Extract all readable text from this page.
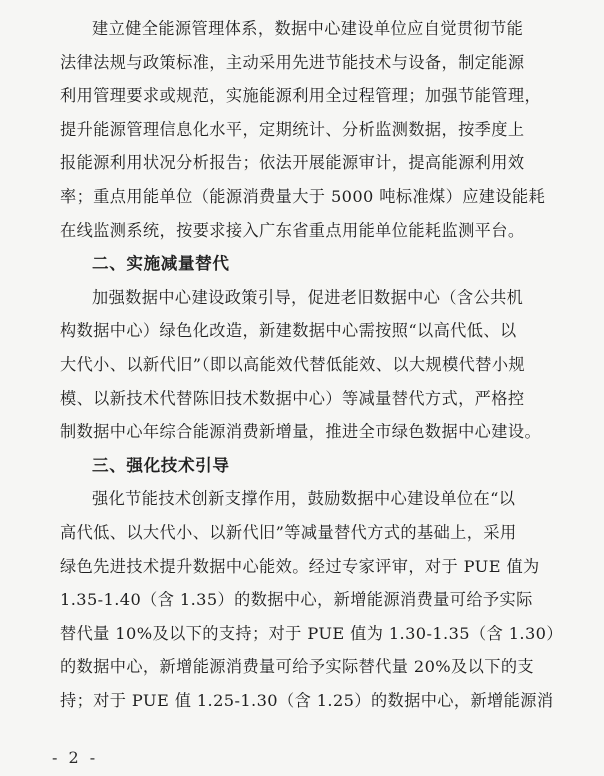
建立健全能源管理体系，数据中心建设单位应自觉贯彻节能
法律法规与政策标准，主动采用先进节能技术与设备，制定能源
利用管理要求或规范，实施能源利用全过程管理；加强节能管理，
提升能源管理信息化水平，定期统计、分析监测数据，按季度上
报能源利用状况分析报告；依法开展能源审计，提高能源利用效
率；重点用能单位（能源消费量大于 5000 吨标准煤）应建设能耗
在线监测系统，按要求接入广东省重点用能单位能耗监测平台。
二、实施减量替代
加强数据中心建设政策引导，促进老旧数据中心（含公共机
构数据中心）绿色化改造，新建数据中心需按照“以高代低、以
大代小、以新代旧”（即以高能效代替低能效、以大规模代替小规
模、以新技术代替陈旧技术数据中心）等减量替代方式，严格控
制数据中心年综合能源消费新增量，推进全市绿色数据中心建设。
三、强化技术引导
强化节能技术创新支撑作用，鼓励数据中心建设单位在“以
高代低、以大代小、以新代旧”等减量替代方式的基础上，采用
绿色先进技术提升数据中心能效。经过专家评审，对于 PUE 值为
1.35-1.40（含 1.35）的数据中心，新增能源消费量可给予实际
替代量 10%及以下的支持；对于 PUE 值为 1.30-1.35（含 1.30）
的数据中心，新增能源消费量可给予实际替代量 20%及以下的支
持；对于 PUE 值 1.25-1.30（含 1.25）的数据中心，新增能源消
- 2 -
